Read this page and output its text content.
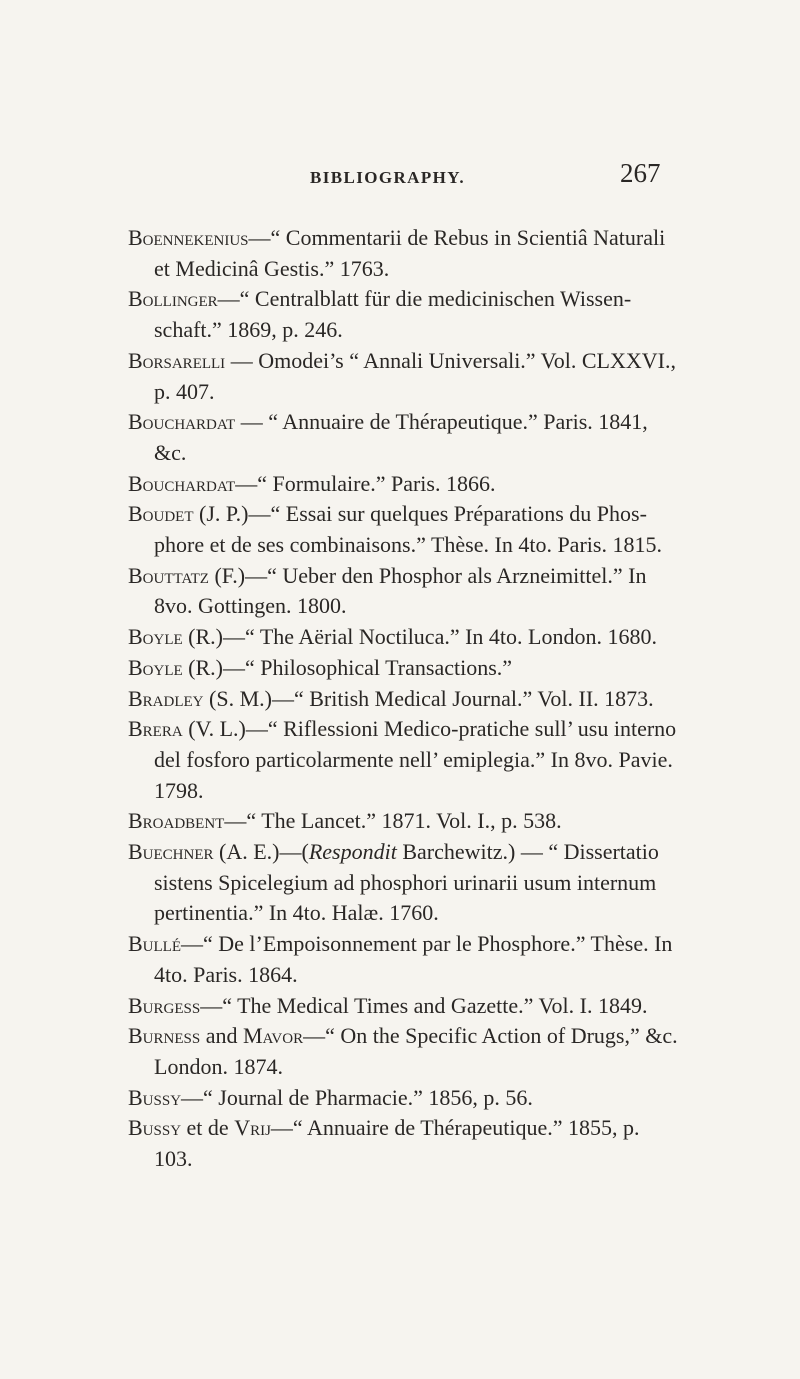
BIBLIOGRAPHY.	267

Boennekenius—“ Commentarii de Rebus in Scientiâ Naturali et Medicinâ Gestis.” 1763.

Bollinger—“ Centralblatt für die medicinischen Wissen- schaft.” 1869, p. 246.

Borsarelli — Omodei’s “ Annali Universali.” Vol. CLXXVI., p. 407.

Bouchardat — “ Annuaire de Thérapeutique.” Paris. 1841, &c.

Bouchardat—“ Formulaire.” Paris. 1866.

Boudet (J. P.)—“ Essai sur quelques Préparations du Phos- phore et de ses combinaisons.” Thèse. In 4to. Paris. 1815.

Bouttatz (F.)—“ Ueber den Phosphor als Arzneimittel.” In 8vo. Gottingen. 1800.

Boyle (R.)—“ The Aërial Noctiluca.” In 4to. London. 1680.

Boyle (R.)—“ Philosophical Transactions.”

Bradley (S. M.)—“ British Medical Journal.” Vol. II. 1873.

Brera (V. L.)—“ Riflessioni Medico-pratiche sull’ usu interno del fosforo particolarmente nell’ emiplegia.” In 8vo. Pavie. 1798.

Broadbent—“ The Lancet.” 1871. Vol. I., p. 538.

Buechner (A. E.)—(Respondit Barchewitz.) — “ Dissertatio sistens Spicelegium ad phosphori urinarii usum internum pertinentia.” In 4to. Halæ. 1760.

Bullé—“ De l’Empoisonnement par le Phosphore.” Thèse. In 4to. Paris. 1864.

Burgess—“ The Medical Times and Gazette.” Vol. I. 1849.

Burness and Mavor—“ On the Specific Action of Drugs,” &c. London. 1874.

Bussy—“ Journal de Pharmacie.” 1856, p. 56.

Bussy et de Vrij—“ Annuaire de Thérapeutique.” 1855, p. 103.
